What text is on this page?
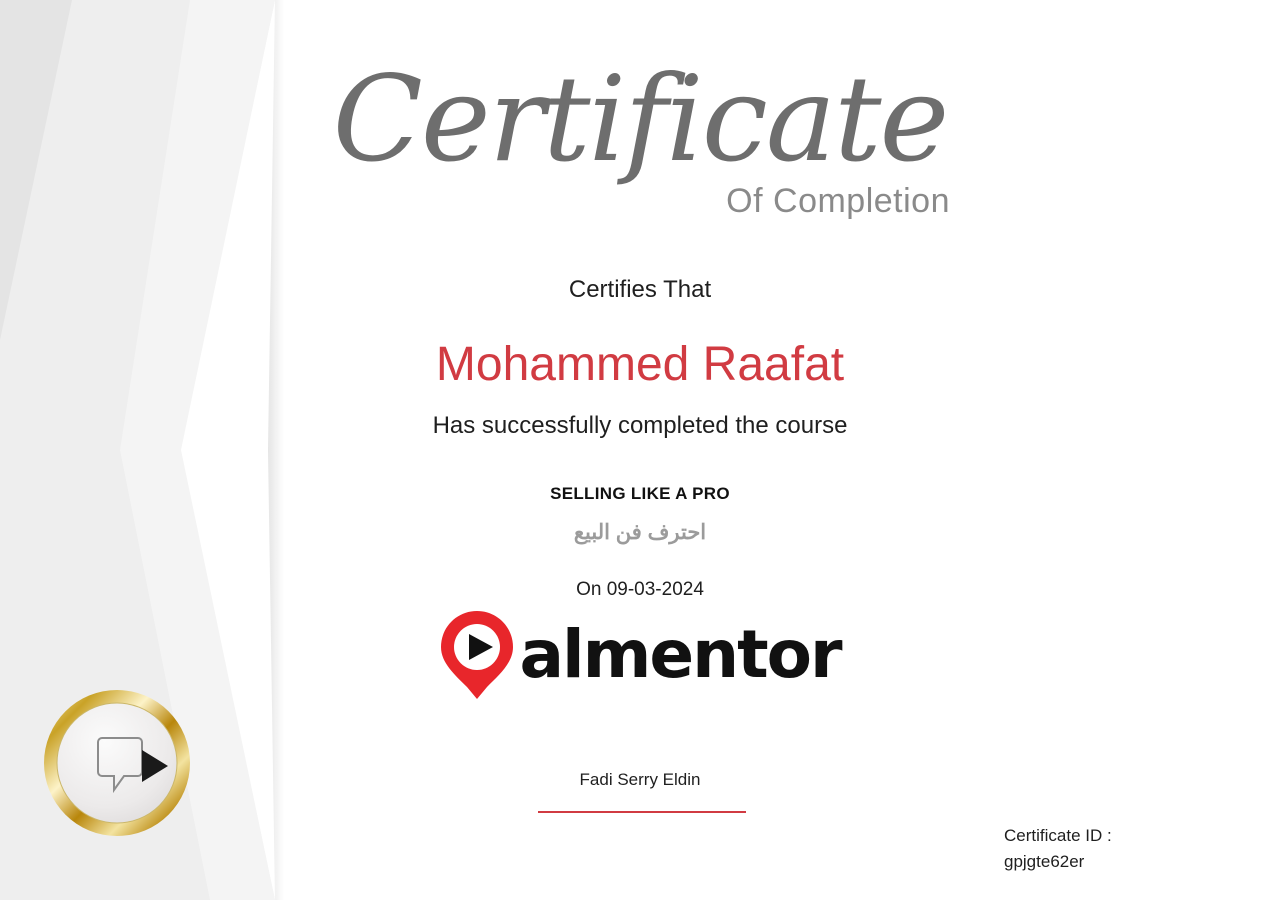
Certificate
Of Completion
Certifies That
Mohammed Raafat
Has successfully completed the course
SELLING LIKE A PRO
احترف فن البيع
On 09-03-2024
almentor
Fadi Serry Eldin
Certificate ID :
gpjgte62er
